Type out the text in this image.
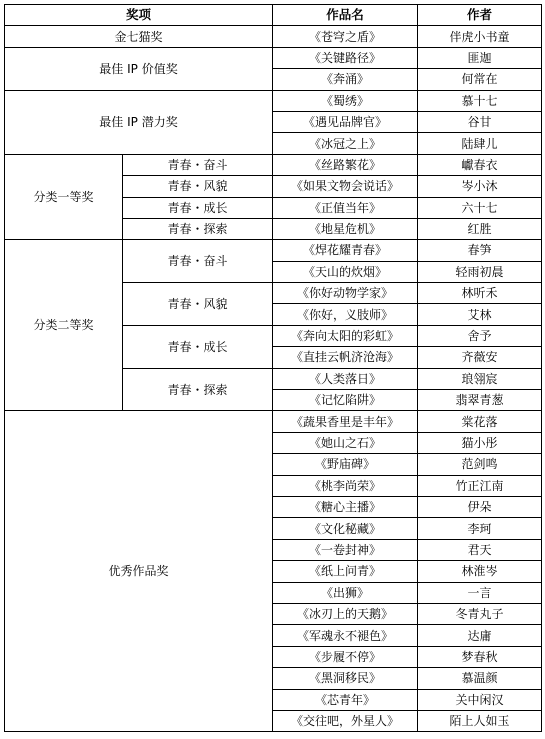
奖项		作品名	作者
金七猫奖		《苍穹之盾》	伴虎小书童
最佳 IP 价值奖		《关键路径》	匪迦
		《奔涌》	何常在
最佳 IP 潜力奖		《蜀绣》	慕十七
		《遇见品牌官》	谷甘
		《冰冠之上》	陆肆儿
分类一等奖	青春・奋斗	《丝路繁花》	巘春衣
	青春・风貌	《如果文物会说话》	岑小沐
	青春・成长	《正值当年》	六十七
	青春・探索	《地星危机》	红胜
分类二等奖	青春・奋斗	《焊花耀青春》	春笋
		《天山的炊烟》	轻雨初晨
	青春・风貌	《你好动物学家》	林听禾
		《你好，义肢师》	艾林
	青春・成长	《奔向太阳的彩虹》	舍予
		《直挂云帆济沧海》	齐薇安
	青春・探索	《人类落日》	琅翎宸
		《记忆陷阱》	翡翠青葱
优秀作品奖		《蔬果香里是丰年》	棠花落
		《她山之石》	猫小彤
		《野庙碑》	范剑鸣
		《桃李尚荣》	竹正江南
		《糖心主播》	伊朵
		《文化秘藏》	李珂
		《一卷封神》	君天
		《纸上问青》	林淮岑
		《出狮》	一言
		《冰刃上的天鹅》	冬青丸子
		《军魂永不褪色》	达庸
		《步履不停》	梦春秋
		《黑洞移民》	慕温颜
		《芯青年》	关中闲汉
		《交往吧，外星人》	陌上人如玉
